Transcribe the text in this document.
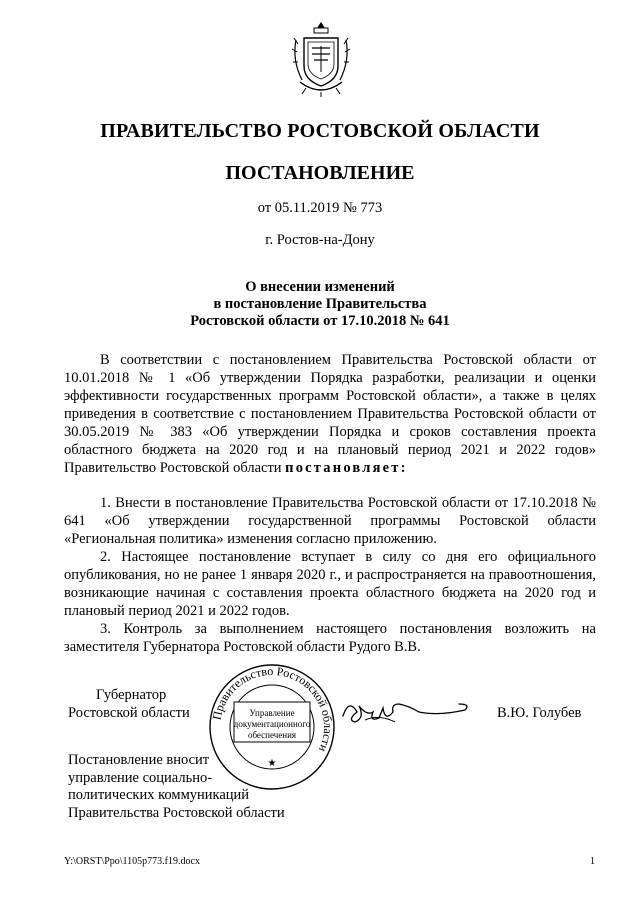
ПРАВИТЕЛЬСТВО РОСТОВСКОЙ ОБЛАСТИ
ПОСТАНОВЛЕНИЕ
от 05.11.2019 № 773
г. Ростов-на-Дону
О внесении изменений
в постановление Правительства
Ростовской области от 17.10.2018 № 641
В соответствии с постановлением Правительства Ростовской области от 10.01.2018 № 1 «Об утверждении Порядка разработки, реализации и оценки эффективности государственных программ Ростовской области», а также в целях приведения в соответствие с постановлением Правительства Ростовской области от 30.05.2019 № 383 «Об утверждении Порядка и сроков составления проекта областного бюджета на 2020 год и на плановый период 2021 и 2022 годов» Правительство Ростовской области постановляет:

1. Внести в постановление Правительства Ростовской области от 17.10.2018 № 641 «Об утверждении государственной программы Ростовской области «Региональная политика» изменения согласно приложению.

2. Настоящее постановление вступает в силу со дня его официального опубликования, но не ранее 1 января 2020 г., и распространяется на правоотношения, возникающие начиная с составления проекта областного бюджета на 2020 год и плановый период 2021 и 2022 годов.

3. Контроль за выполнением настоящего постановления возложить на заместителя Губернатора Ростовской области Рудого В.В.

Губернатор
Ростовской области Правительство Ростовской области
Управление
документационного
обеспечения
★
В.Ю. Голубев
Постановление вносит
управление социально-
политических коммуникаций
Правительства Ростовской области
Y:\ORST\Ppo\1105p773.f19.docx	1
